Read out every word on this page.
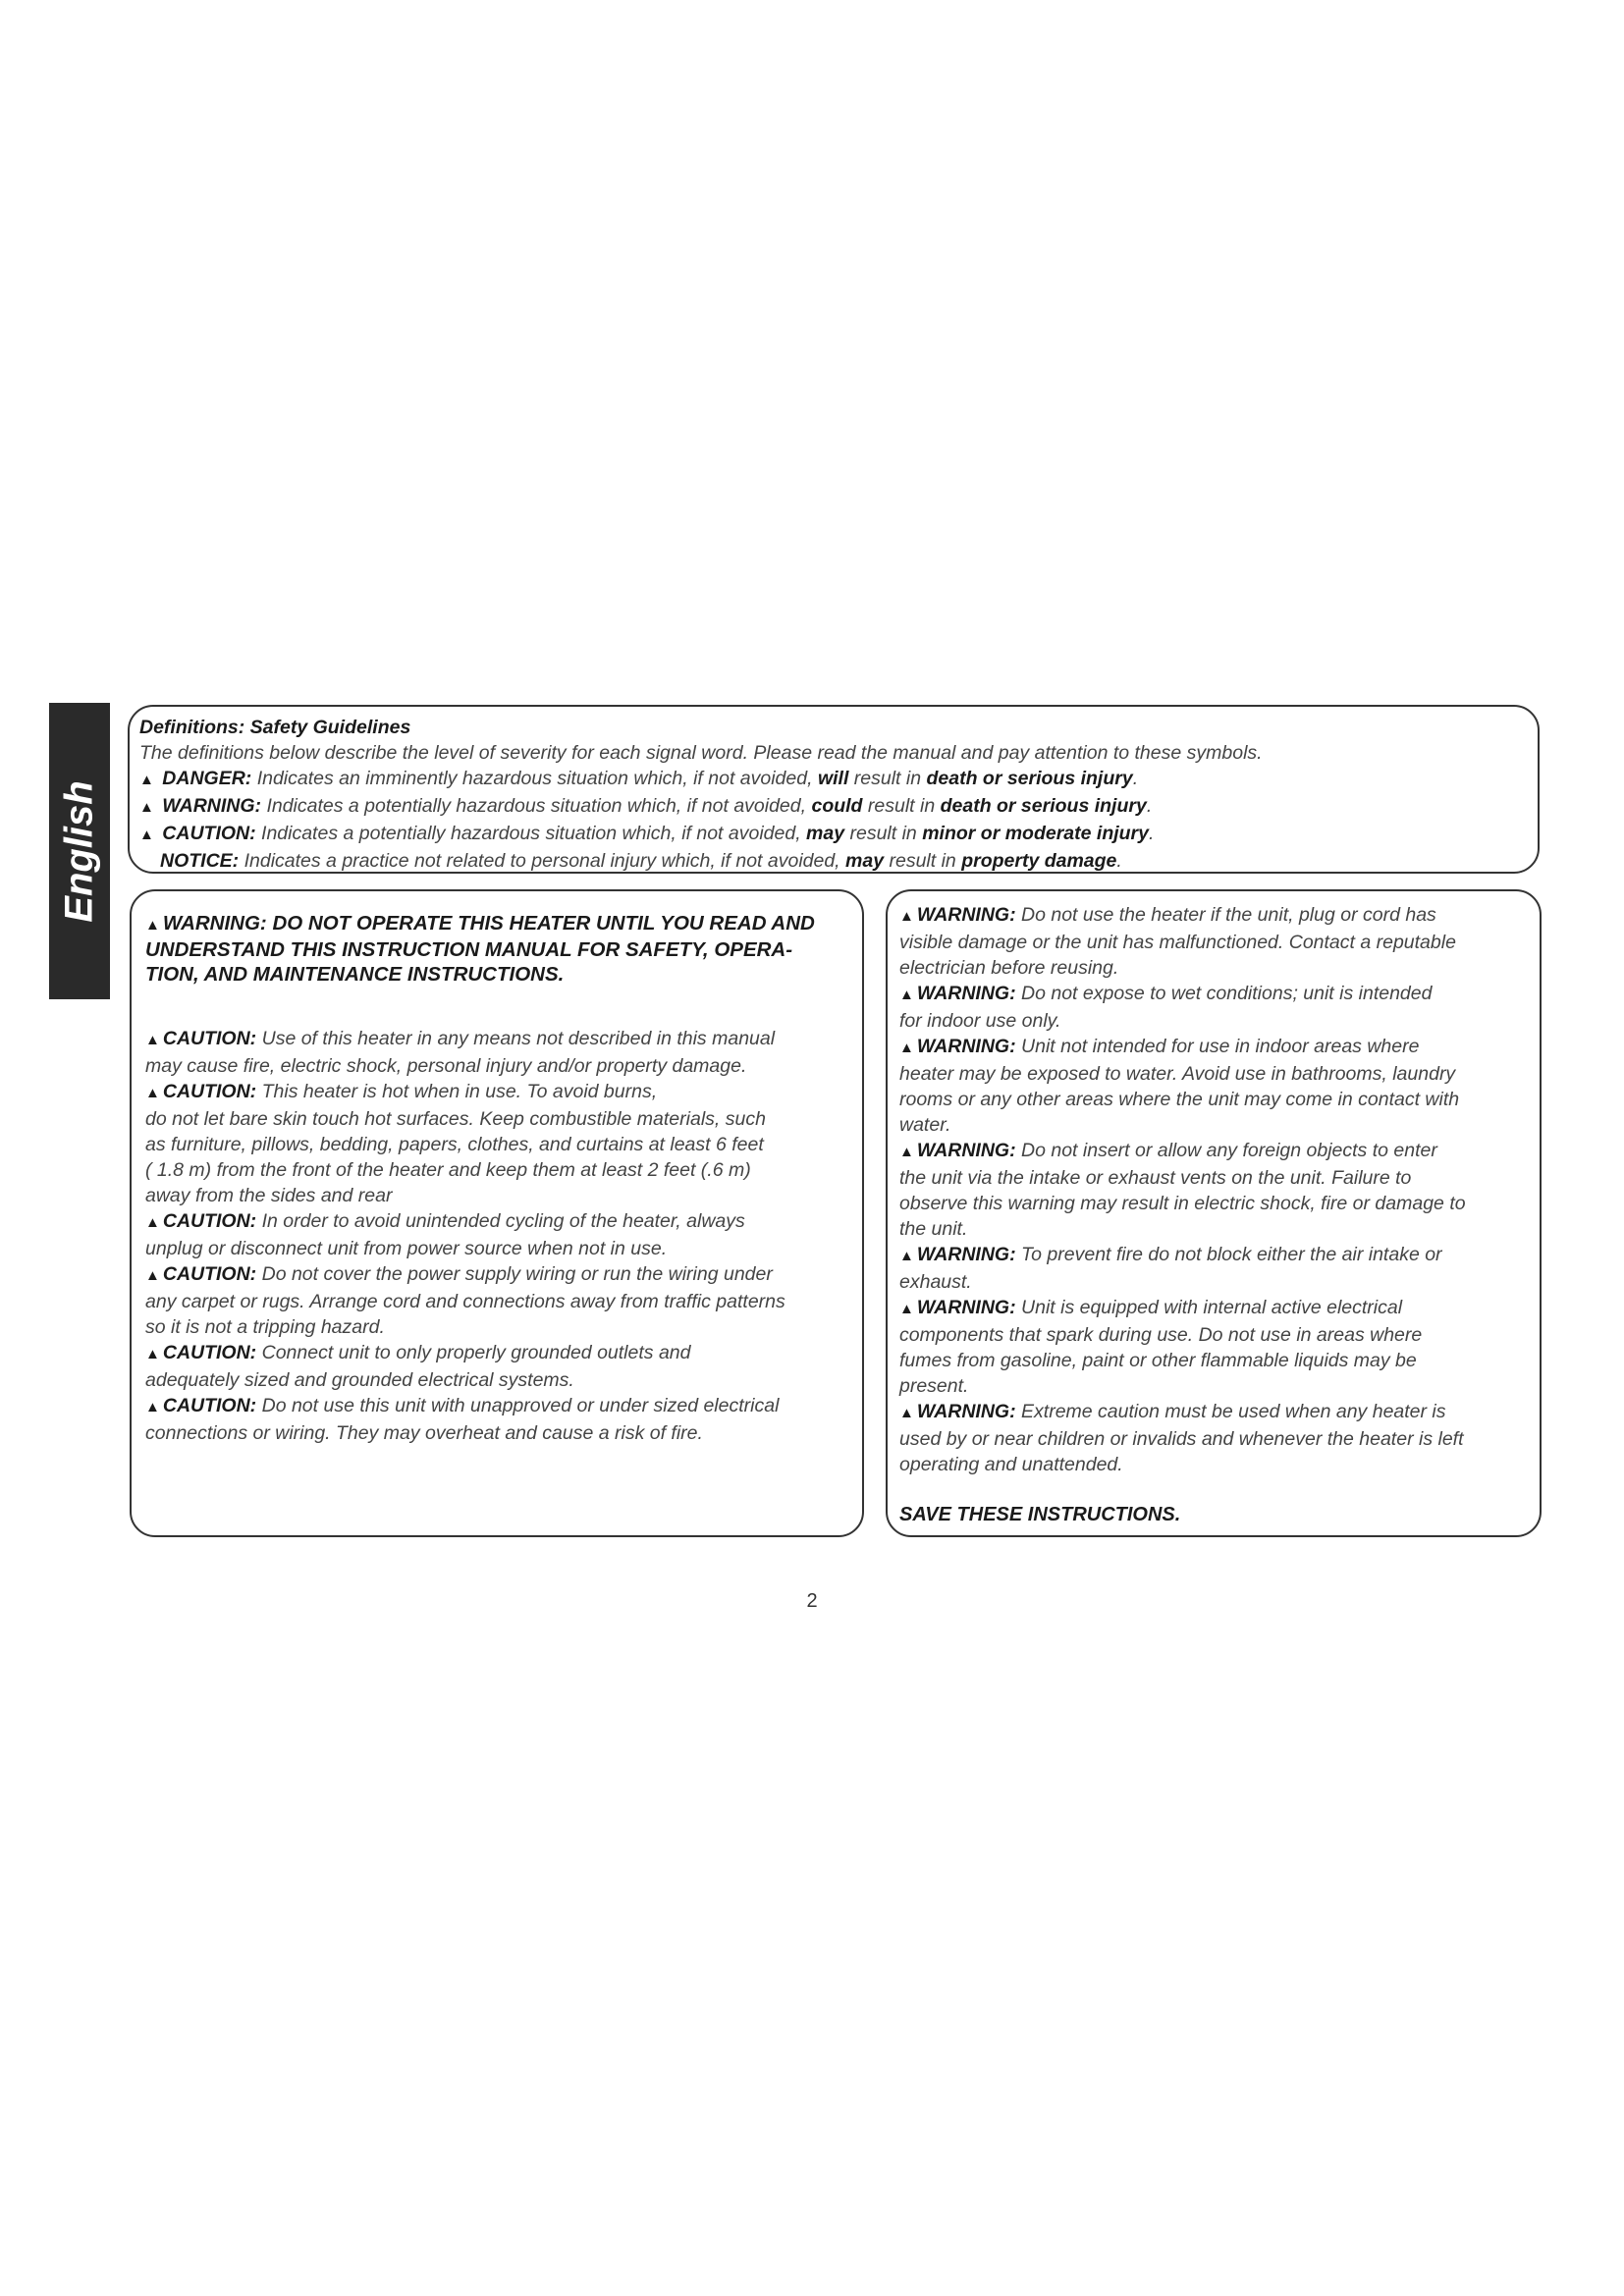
English
Definitions: Safety Guidelines
The definitions below describe the level of severity for each signal word. Please read the manual and pay attention to these symbols.
▲ DANGER: Indicates an imminently hazardous situation which, if not avoided, will result in death or serious injury.
▲ WARNING: Indicates a potentially hazardous situation which, if not avoided, could result in death or serious injury.
▲ CAUTION: Indicates a potentially hazardous situation which, if not avoided, may result in minor or moderate injury.
NOTICE: Indicates a practice not related to personal injury which, if not avoided, may result in property damage.
▲ WARNING: DO NOT OPERATE THIS HEATER UNTIL YOU READ AND
UNDERSTAND THIS INSTRUCTION MANUAL FOR SAFETY, OPERA-
TION, AND MAINTENANCE INSTRUCTIONS.
▲ CAUTION: Use of this heater in any means not described in this manual
may cause fire, electric shock, personal injury and/or property damage.
▲ CAUTION: This heater is hot when in use. To avoid burns,
do not let bare skin touch hot surfaces. Keep combustible materials, such
as furniture, pillows, bedding, papers, clothes, and curtains at least 6 feet
( 1.8 m) from the front of the heater and keep them at least 2 feet (.6 m)
away from the sides and rear
▲ CAUTION: In order to avoid unintended cycling of the heater, always
unplug or disconnect unit from power source when not in use.
▲ CAUTION: Do not cover the power supply wiring or run the wiring under
any carpet or rugs. Arrange cord and connections away from traffic patterns
so it is not a tripping hazard.
▲ CAUTION: Connect unit to only properly grounded outlets and
adequately sized and grounded electrical systems.
▲ CAUTION: Do not use this unit with unapproved or under sized electrical
connections or wiring. They may overheat and cause a risk of fire.
▲ WARNING: Do not use the heater if the unit, plug or cord has
visible damage or the unit has malfunctioned. Contact a reputable
electrician before reusing.
▲ WARNING: Do not expose to wet conditions; unit is intended
for indoor use only.
▲ WARNING: Unit not intended for use in indoor areas where
heater may be exposed to water. Avoid use in bathrooms, laundry
rooms or any other areas where the unit may come in contact with
water.
▲ WARNING: Do not insert or allow any foreign objects to enter
the unit via the intake or exhaust vents on the unit. Failure to
observe this warning may result in electric shock, fire or damage to
the unit.
▲ WARNING: To prevent fire do not block either the air intake or
exhaust.
▲ WARNING: Unit is equipped with internal active electrical
components that spark during use. Do not use in areas where
fumes from gasoline, paint or other flammable liquids may be
present.
▲ WARNING: Extreme caution must be used when any heater is
used by or near children or invalids and whenever the heater is left
operating and unattended.
SAVE THESE INSTRUCTIONS.
2
